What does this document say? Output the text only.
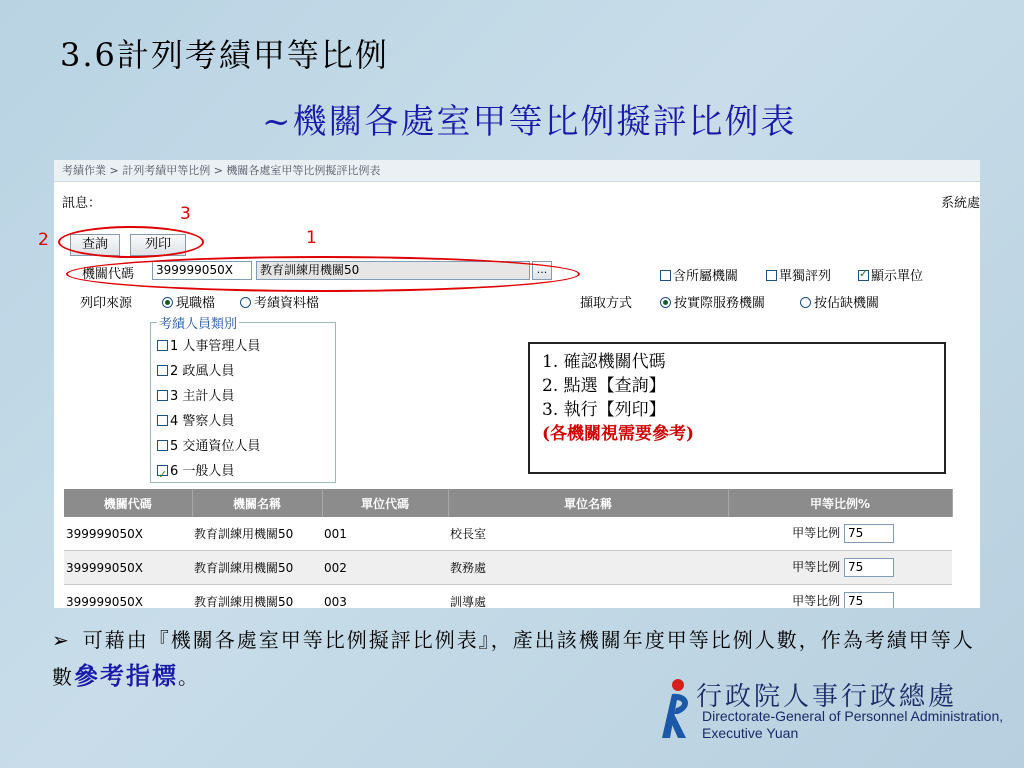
3.6計列考績甲等比例
~機關各處室甲等比例擬評比例表
考績作業 > 計列考績甲等比例 > 機關各處室甲等比例擬評比例表
訊息：	系統處
查詢	列印
機關代碼	399999050X	教育訓練用機關50	...	含所屬機關	單獨評列 ✓	顯示單位
列印來源	現職檔	考績資料檔	擷取方式	按實際服務機關	按佔缺機關
考績人員類別
1 人事管理人員
2 政風人員
3 主計人員
4 警察人員
5 交通資位人員
✓6 一般人員
1. 確認機關代碼
2. 點選【查詢】
3. 執行【列印】
(各機關視需要參考)
機關代碼	機關名稱	單位代碼	單位名稱	甲等比例%
399999050X	教育訓練用機關50	001	校長室	甲等比例 75
399999050X	教育訓練用機關50	002	教務處	甲等比例 75
399999050X	教育訓練用機關50	003	訓導處	甲等比例 75
2
3
1
➢ 可藉由『機關各處室甲等比例擬評比例表』，產出該機關年度甲等比例人數，作為考績甲等人數參考指標。
行政院人事行政總處
Directorate-General of Personnel Administration,
Executive Yuan
